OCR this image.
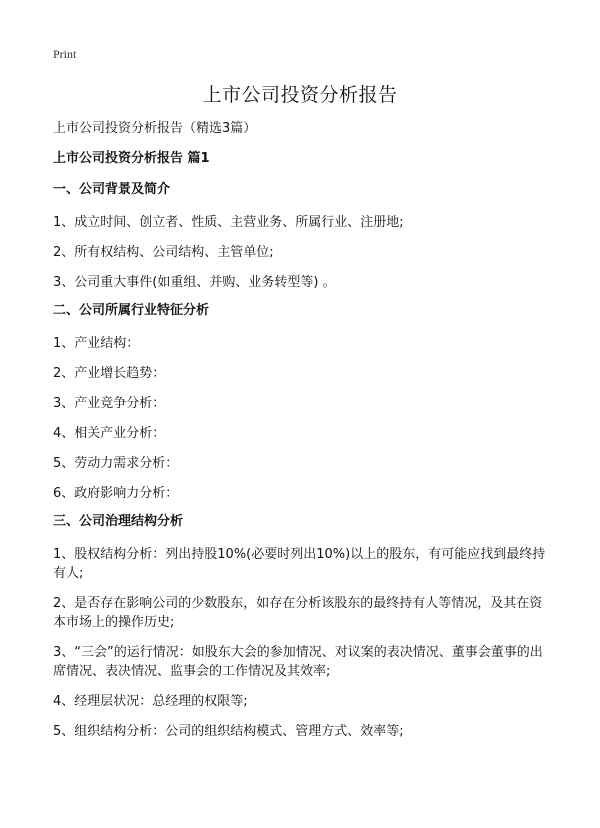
Print
上市公司投资分析报告

上市公司投资分析报告（精选3篇）

上市公司投资分析报告 篇1

一、公司背景及简介

1、成立时间、创立者、性质、主营业务、所属行业、注册地;

2、所有权结构、公司结构、主管单位;

3、公司重大事件(如重组、并购、业务转型等) 。

二、公司所属行业特征分析

1、产业结构：

2、产业增长趋势：

3、产业竞争分析：

4、相关产业分析：

5、劳动力需求分析：

6、政府影响力分析：

三、公司治理结构分析

1、股权结构分析：列出持股10%(必要时列出10%)以上的股东，有可能应找到最终持有人;

2、是否存在影响公司的少数股东，如存在分析该股东的最终持有人等情况，及其在资本市场上的操作历史;

3、“三会”的运行情况：如股东大会的参加情况、对议案的表决情况、董事会董事的出席情况、表决情况、监事会的工作情况及其效率;

4、经理层状况：总经理的权限等;

5、组织结构分析：公司的组织结构模式、管理方式、效率等;
